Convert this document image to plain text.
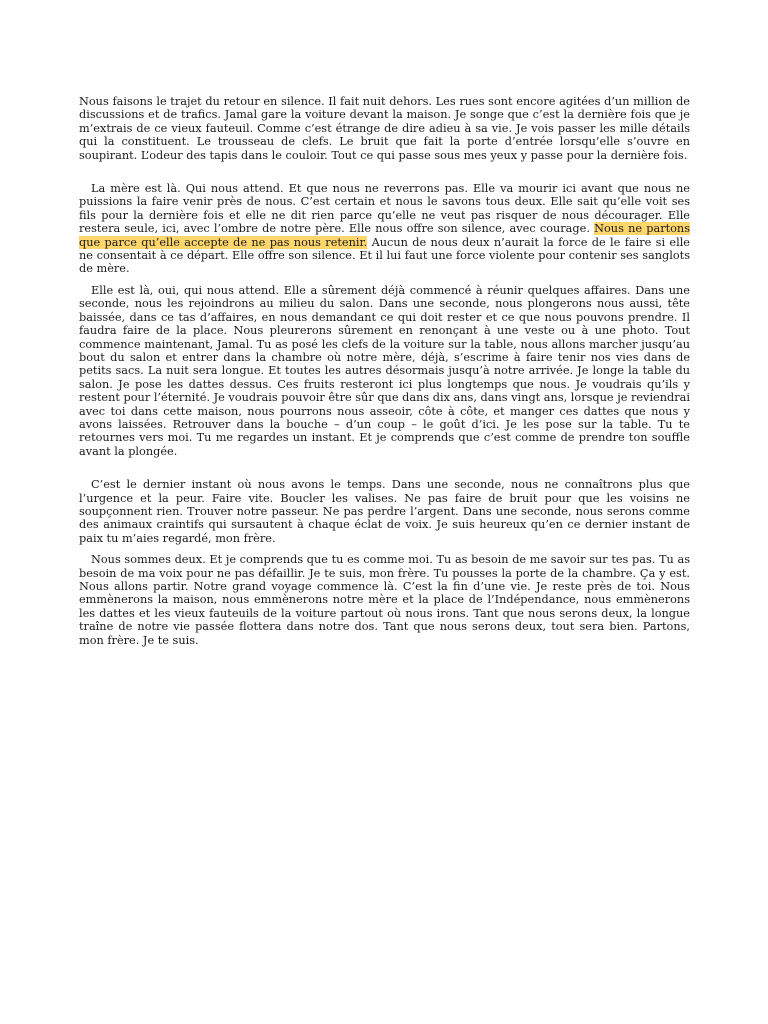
Nous faisons le trajet du retour en silence. Il fait nuit dehors. Les rues sont encore agitées d’un million de discussions et de trafics. Jamal gare la voiture devant la maison. Je songe que c’est la dernière fois que je m’extrais de ce vieux fauteuil. Comme c’est étrange de dire adieu à sa vie. Je vois passer les mille détails qui la constituent. Le trousseau de clefs. Le bruit que fait la porte d’entrée lorsqu’elle s’ouvre en soupirant. L’odeur des tapis dans le couloir. Tout ce qui passe sous mes yeux y passe pour la dernière fois.

La mère est là. Qui nous attend. Et que nous ne reverrons pas. Elle va mourir ici avant que nous ne puissions la faire venir près de nous. C’est certain et nous le savons tous deux. Elle sait qu’elle voit ses fils pour la dernière fois et elle ne dit rien parce qu’elle ne veut pas risquer de nous décourager. Elle restera seule, ici, avec l’ombre de notre père. Elle nous offre son silence, avec courage. Nous ne partons que parce qu’elle accepte de ne pas nous retenir. Aucun de nous deux n’aurait la force de le faire si elle ne consentait à ce départ. Elle offre son silence. Et il lui faut une force violente pour contenir ses sanglots de mère.

Elle est là, oui, qui nous attend. Elle a sûrement déjà commencé à réunir quelques affaires. Dans une seconde, nous les rejoindrons au milieu du salon. Dans une seconde, nous plongerons nous aussi, tête baissée, dans ce tas d’affaires, en nous demandant ce qui doit rester et ce que nous pouvons prendre. Il faudra faire de la place. Nous pleurerons sûrement en renonçant à une veste ou à une photo. Tout commence maintenant, Jamal. Tu as posé les clefs de la voiture sur la table, nous allons marcher jusqu’au bout du salon et entrer dans la chambre où notre mère, déjà, s’escrime à faire tenir nos vies dans de petits sacs. La nuit sera longue. Et toutes les autres désormais jusqu’à notre arrivée. Je longe la table du salon. Je pose les dattes dessus. Ces fruits resteront ici plus longtemps que nous. Je voudrais qu’ils y restent pour l’éternité. Je voudrais pouvoir être sûr que dans dix ans, dans vingt ans, lorsque je reviendrai avec toi dans cette maison, nous pourrons nous asseoir, côte à côte, et manger ces dattes que nous y avons laissées. Retrouver dans la bouche – d’un coup – le goût d’ici. Je les pose sur la table. Tu te retournes vers moi. Tu me regardes un instant. Et je comprends que c’est comme de prendre ton souffle avant la plongée.

C’est le dernier instant où nous avons le temps. Dans une seconde, nous ne connaîtrons plus que l’urgence et la peur. Faire vite. Boucler les valises. Ne pas faire de bruit pour que les voisins ne soupçonnent rien. Trouver notre passeur. Ne pas perdre l’argent. Dans une seconde, nous serons comme des animaux craintifs qui sursautent à chaque éclat de voix. Je suis heureux qu’en ce dernier instant de paix tu m’aies regardé, mon frère.

Nous sommes deux. Et je comprends que tu es comme moi. Tu as besoin de me savoir sur tes pas. Tu as besoin de ma voix pour ne pas défaillir. Je te suis, mon frère. Tu pousses la porte de la chambre. Ça y est. Nous allons partir. Notre grand voyage commence là. C’est la fin d’une vie. Je reste près de toi. Nous emmènerons la maison, nous emmènerons notre mère et la place de l’Indépendance, nous emmènerons les dattes et les vieux fauteuils de la voiture partout où nous irons. Tant que nous serons deux, la longue traîne de notre vie passée flottera dans notre dos. Tant que nous serons deux, tout sera bien. Partons, mon frère. Je te suis.
